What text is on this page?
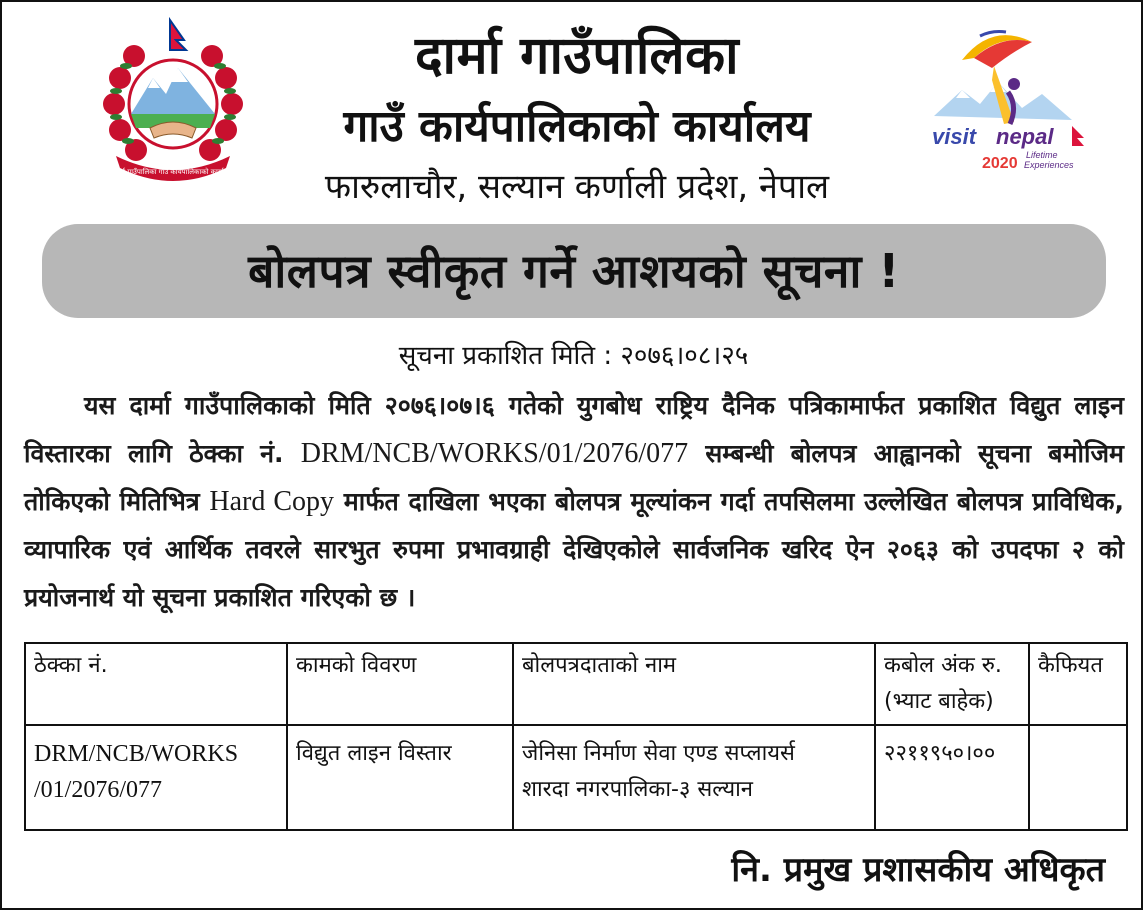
दार्मा गाउँपालिका गाउँ कार्यपालिकाको कार्यालय
visit nepal
2020 Lifetime
Experiences
दार्मा गाउँपालिका
गाउँ कार्यपालिकाको कार्यालय
फारुलाचौर, सल्यान कर्णाली प्रदेश, नेपाल
बोलपत्र स्वीकृत गर्ने आशयको सूचना !
सूचना प्रकाशित मिति : २०७६।०८।२५

यस दार्मा गाउँपालिकाको मिति २०७६।०७।६ गतेको युगबोध राष्ट्रिय दैनिक पत्रिकामार्फत प्रकाशित विद्युत लाइन विस्तारका लागि ठेक्का नं. DRM/NCB/WORKS/01/2076/077 सम्बन्धी बोलपत्र आह्वानको सूचना बमोजिम तोकिएको मितिभित्र Hard Copy मार्फत दाखिला भएका बोलपत्र मूल्यांकन गर्दा तपसिलमा उल्लेखित बोलपत्र प्राविधिक, व्यापारिक एवं आर्थिक तवरले सारभुत रुपमा प्रभावग्राही देखिएकोले सार्वजनिक खरिद ऐन २०६३ को उपदफा २ को प्रयोजनार्थ यो सूचना प्रकाशित गरिएको छ ।

ठेक्का नं.	कामको विवरण	बोलपत्रदाताको नाम	कबोल अंक रु. (भ्याट बाहेक)	कैफियत
DRM/NCB/WORKS /01/2076/077	विद्युत लाइन विस्तार	जेनिसा निर्माण सेवा एण्ड सप्लायर्स
शारदा नगरपालिका-३ सल्यान	२२११९५०।००	
नि. प्रमुख प्रशासकीय अधिकृत
